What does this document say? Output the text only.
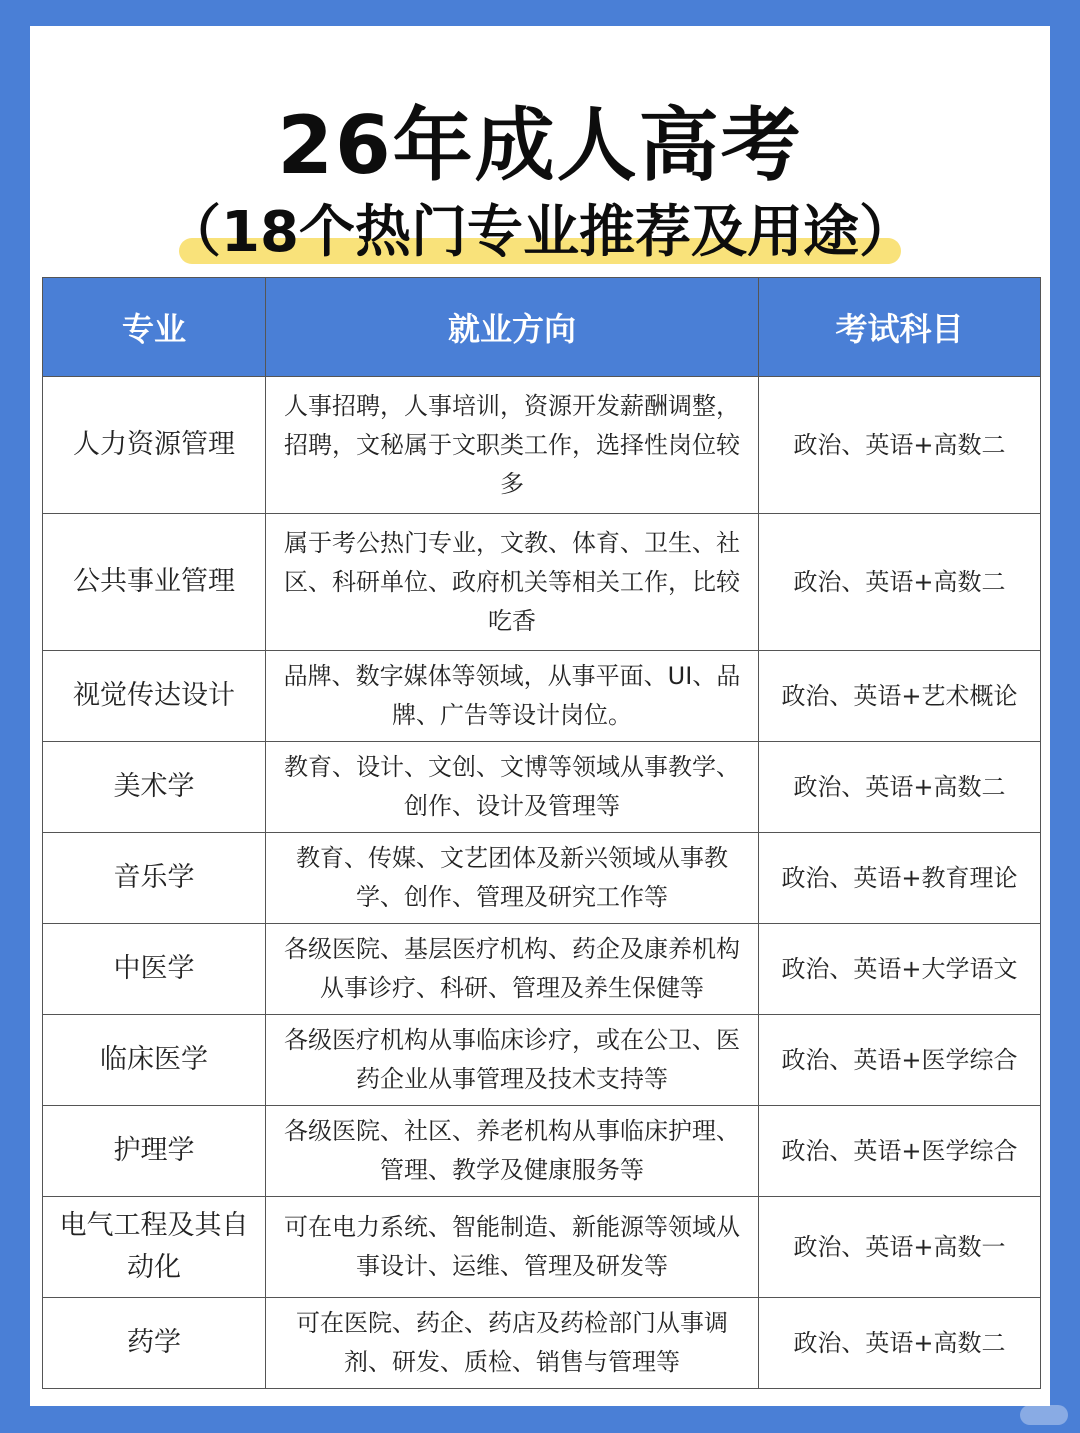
26年成人高考
（18个热门专业推荐及用途）
专业	就业方向	考试科目
人力资源管理	人事招聘，人事培训，资源开发薪酬调整，招聘，文秘属于文职类工作，选择性岗位较多	政治、英语+高数二
公共事业管理	属于考公热门专业，文教、体育、卫生、社区、科研单位、政府机关等相关工作，比较吃香	政治、英语+高数二
视觉传达设计	品牌、数字媒体等领域，从事平面、UI、品牌、广告等设计岗位。	政治、英语+艺术概论
美术学	教育、设计、文创、文博等领域从事教学、创作、设计及管理等	政治、英语+高数二
音乐学	教育、传媒、文艺团体及新兴领域从事教学、创作、管理及研究工作等	政治、英语+教育理论
中医学	各级医院、基层医疗机构、药企及康养机构从事诊疗、科研、管理及养生保健等	政治、英语+大学语文
临床医学	各级医疗机构从事临床诊疗，或在公卫、医药企业从事管理及技术支持等	政治、英语+医学综合
护理学	各级医院、社区、养老机构从事临床护理、管理、教学及健康服务等	政治、英语+医学综合
电气工程及其自动化	可在电力系统、智能制造、新能源等领域从事设计、运维、管理及研发等	政治、英语+高数一
药学	可在医院、药企、药店及药检部门从事调剂、研发、质检、销售与管理等	政治、英语+高数二
